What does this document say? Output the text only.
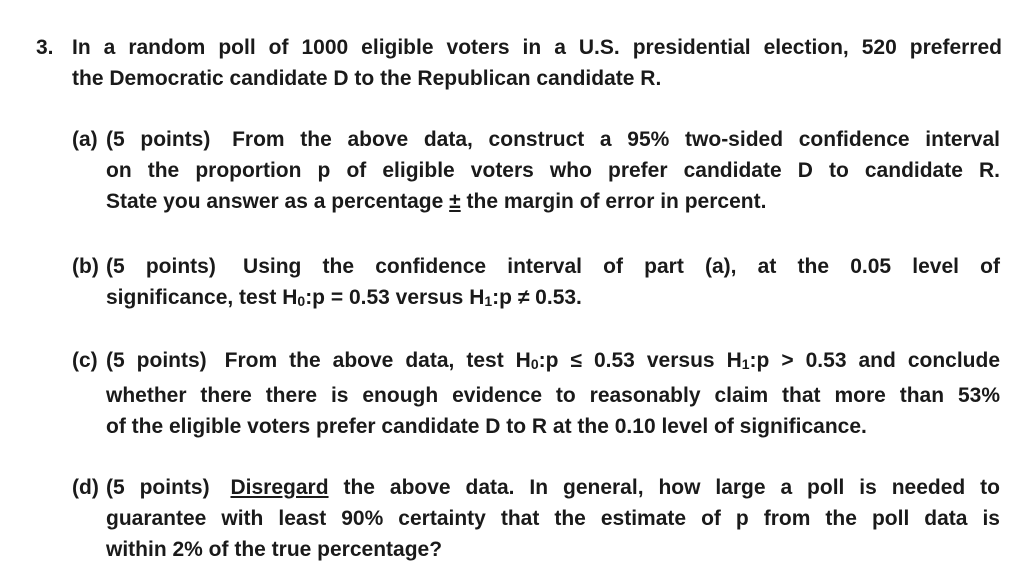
3. In a random poll of 1000 eligible voters in a U.S. presidential election, 520 preferred
the Democratic candidate D to the Republican candidate R.
(a) (5 points) From the above data, construct a 95% two-sided confidence interval
on the proportion p of eligible voters who prefer candidate D to candidate R.
State you answer as a percentage ± the margin of error in percent.
(b) (5 points) Using the confidence interval of part (a), at the 0.05 level of
significance, test H0:p = 0.53 versus H1:p ≠ 0.53.
(c) (5 points) From the above data, test H0:p ≤ 0.53 versus H1:p > 0.53 and conclude
whether there there is enough evidence to reasonably claim that more than 53%
of the eligible voters prefer candidate D to R at the 0.10 level of significance.
(d) (5 points) Disregard the above data. In general, how large a poll is needed to
guarantee with least 90% certainty that the estimate of p from the poll data is
within 2% of the true percentage?
